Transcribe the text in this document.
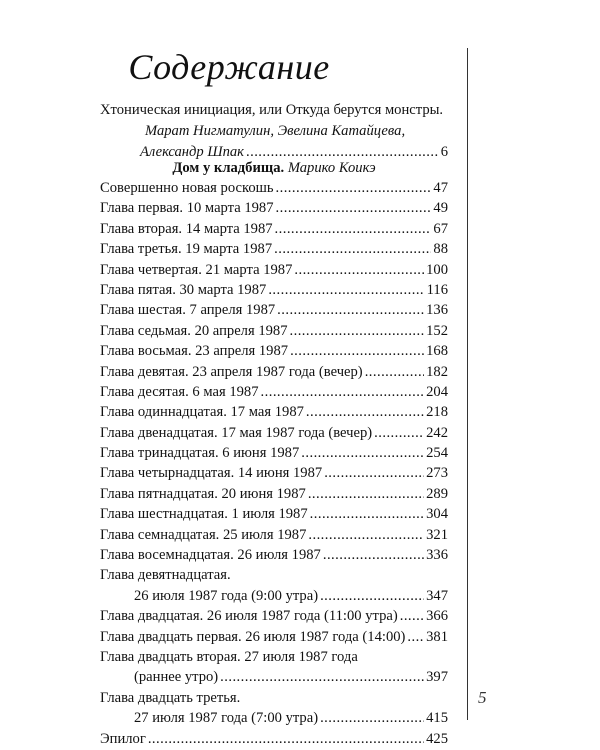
5
Содержание
Хтоническая инициация, или Откуда берутся монстры.
Марат Нигматулин, Эвелина Катайцева,
Александр Шпак . . .	6
Дом у кладбища. Марико Коикэ
Совершенно новая роскошь . . .	47
Глава первая. 10 марта 1987 . . .	49
Глава вторая. 14 марта 1987 . . .	67
Глава третья. 19 марта 1987 . . .	88
Глава четвертая. 21 марта 1987 . . .	100
Глава пятая. 30 марта 1987 . . .	116
Глава шестая. 7 апреля 1987 . . .	136
Глава седьмая. 20 апреля 1987 . . .	152
Глава восьмая. 23 апреля 1987 . . .	168
Глава девятая. 23 апреля 1987 года (вечер) . . .	182
Глава десятая. 6 мая 1987 . . .	204
Глава одиннадцатая. 17 мая 1987 . . .	218
Глава двенадцатая. 17 мая 1987 года (вечер) . . .	242
Глава тринадцатая. 6 июня 1987 . . .	254
Глава четырнадцатая. 14 июня 1987 . . .	273
Глава пятнадцатая. 20 июня 1987 . . .	289
Глава шестнадцатая. 1 июля 1987 . . .	304
Глава семнадцатая. 25 июля 1987 . . .	321
Глава восемнадцатая. 26 июля 1987 . . .	336
Глава девятнадцатая.
26 июля 1987 года (9:00 утра) . . .	347
Глава двадцатая. 26 июля 1987 года (11:00 утра) . . . 366
Глава двадцать первая. 26 июля 1987 года (14:00) . . . 381
Глава двадцать вторая. 27 июля 1987 года
(раннее утро) . . .	397
Глава двадцать третья.
27 июля 1987 года (7:00 утра) . . .	415
Эпилог . . .	425
